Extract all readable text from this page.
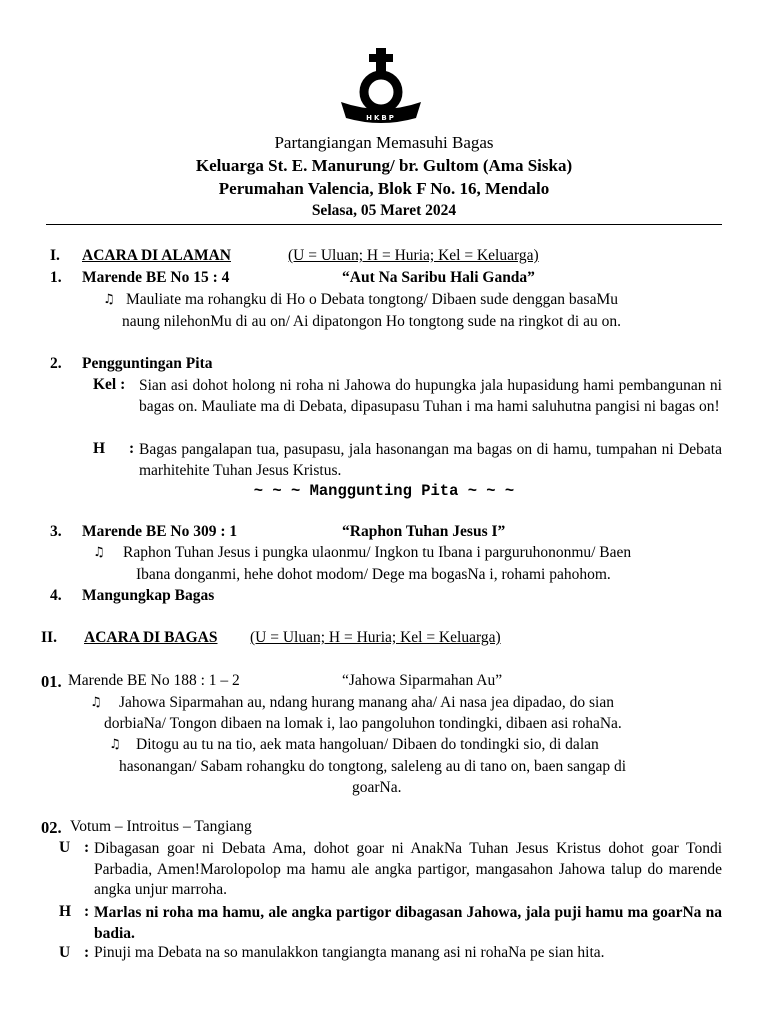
HKBP
Partangiangan Memasuhi Bagas
Keluarga St. E. Manurung/ br. Gultom (Ama Siska)
Perumahan Valencia, Blok F No. 16, Mendalo
Selasa, 05 Maret 2024
I. ACARA DI ALAMAN	(U = Uluan; H = Huria; Kel = Keluarga)
1. Marende BE No 15 : 4	“Aut Na Saribu Hali Ganda”
♫ Mauliate ma rohangku di Ho o Debata tongtong/ Dibaen sude denggan basaMu
naung nilehonMu di au on/ Ai dipatongon Ho tongtong sude na ringkot di au on.
2. Pengguntingan Pita
Kel : Sian asi dohot holong ni roha ni Jahowa do hupungka jala hupasidung hami pembangunan ni bagas on. Mauliate ma di Debata, dipasupasu Tuhan i ma hami saluhutna pangisi ni bagas on!
H : Bagas pangalapan tua, pasupasu, jala hasonangan ma bagas on di hamu, tumpahan ni Debata marhitehite Tuhan Jesus Kristus.
~ ~ ~ Manggunting Pita ~ ~ ~
3. Marende BE No 309 : 1	“Raphon Tuhan Jesus I”
♫ Raphon Tuhan Jesus i pungka ulaonmu/ Ingkon tu Ibana i parguruhononmu/ Baen
Ibana donganmi, hehe dohot modom/ Dege ma bogasNa i, rohami pahohom.
4. Mangungkap Bagas
II. ACARA DI BAGAS (U = Uluan; H = Huria; Kel = Keluarga)
01. Marende BE No 188 : 1 – 2	“Jahowa Siparmahan Au”
♫ Jahowa Siparmahan au, ndang hurang manang aha/ Ai nasa jea dipadao, do sian
dorbiaNa/ Tongon dibaen na lomak i, lao pangoluhon tondingki, dibaen asi rohaNa.
♫ Ditogu au tu na tio, aek mata hangoluan/ Dibaen do tondingki sio, di dalan
hasonangan/ Sabam rohangku do tongtong, saleleng au di tano on, baen sangap di
goarNa.
02. Votum – Introitus – Tangiang
U : Dibagasan goar ni Debata Ama, dohot goar ni AnakNa Tuhan Jesus Kristus dohot goar Tondi Parbadia, Amen!Marolopolop ma hamu ale angka partigor, mangasahon Jahowa talup do marende angka unjur marroha.
H : Marlas ni roha ma hamu, ale angka partigor dibagasan Jahowa, jala puji hamu ma goarNa na badia.
U : Pinuji ma Debata na so manulakkon tangiangta manang asi ni rohaNa pe sian hita.
